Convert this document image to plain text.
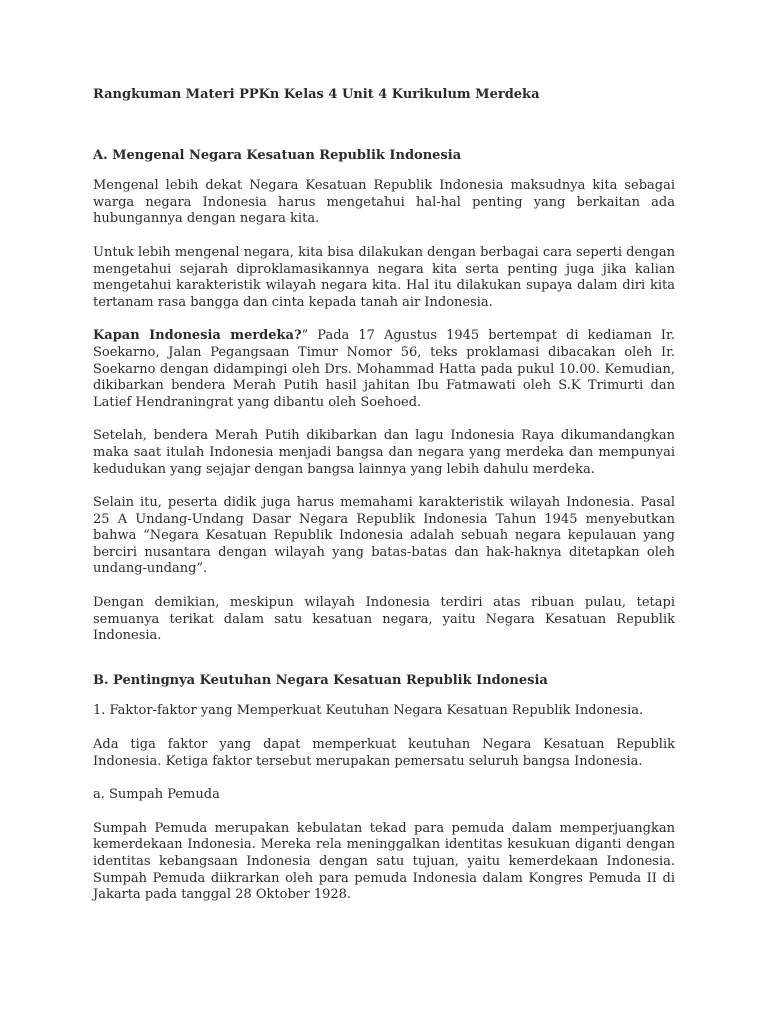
Rangkuman Materi PPKn Kelas 4 Unit 4 Kurikulum Merdeka
A. Mengenal Negara Kesatuan Republik Indonesia

Mengenal lebih dekat Negara Kesatuan Republik Indonesia maksudnya kita sebagai warga negara Indonesia harus mengetahui hal-hal penting yang berkaitan ada hubungannya dengan negara kita.

Untuk lebih mengenal negara, kita bisa dilakukan dengan berbagai cara seperti dengan mengetahui sejarah diproklamasikannya negara kita serta penting juga jika kalian mengetahui karakteristik wilayah negara kita. Hal itu dilakukan supaya dalam diri kita tertanam rasa bangga dan cinta kepada tanah air Indonesia.

Kapan Indonesia merdeka?” Pada 17 Agustus 1945 bertempat di kediaman Ir. Soekarno, Jalan Pegangsaan Timur Nomor 56, teks proklamasi dibacakan oleh Ir. Soekarno dengan didampingi oleh Drs. Mohammad Hatta pada pukul 10.00. Kemudian, dikibarkan bendera Merah Putih hasil jahitan Ibu Fatmawati oleh S.K Trimurti dan Latief Hendraningrat yang dibantu oleh Soehoed.

Setelah, bendera Merah Putih dikibarkan dan lagu Indonesia Raya dikumandangkan maka saat itulah Indonesia menjadi bangsa dan negara yang merdeka dan mempunyai kedudukan yang sejajar dengan bangsa lainnya yang lebih dahulu merdeka.

Selain itu, peserta didik juga harus memahami karakteristik wilayah Indonesia. Pasal 25 A Undang-Undang Dasar Negara Republik Indonesia Tahun 1945 menyebutkan bahwa “Negara Kesatuan Republik Indonesia adalah sebuah negara kepulauan yang berciri nusantara dengan wilayah yang batas-batas dan hak-haknya ditetapkan oleh undang-undang”.

Dengan demikian, meskipun wilayah Indonesia terdiri atas ribuan pulau, tetapi semuanya terikat dalam satu kesatuan negara, yaitu Negara Kesatuan Republik Indonesia.

B. Pentingnya Keutuhan Negara Kesatuan Republik Indonesia

1. Faktor-faktor yang Memperkuat Keutuhan Negara Kesatuan Republik Indonesia.

Ada tiga faktor yang dapat memperkuat keutuhan Negara Kesatuan Republik Indonesia. Ketiga faktor tersebut merupakan pemersatu seluruh bangsa Indonesia.

a. Sumpah Pemuda

Sumpah Pemuda merupakan kebulatan tekad para pemuda dalam memperjuangkan kemerdekaan Indonesia. Mereka rela meninggalkan identitas kesukuan diganti dengan identitas kebangsaan Indonesia dengan satu tujuan, yaitu kemerdekaan Indonesia. Sumpah Pemuda diikrarkan oleh para pemuda Indonesia dalam Kongres Pemuda II di Jakarta pada tanggal 28 Oktober 1928.
